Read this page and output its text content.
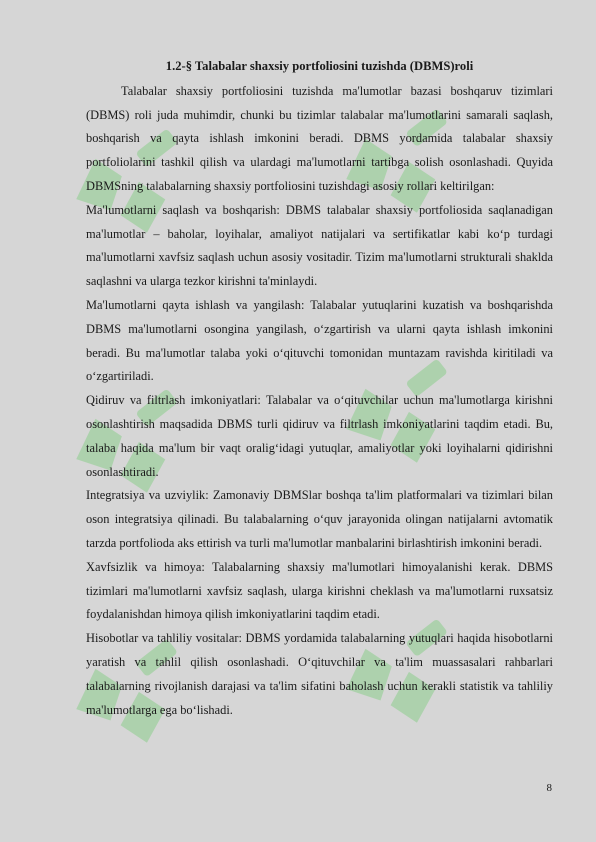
1.2-§ Talabalar shaxsiy portfoliosini tuzishda (DBMS)roli

Talabalar shaxsiy portfoliosini tuzishda ma'lumotlar bazasi boshqaruv tizimlari (DBMS) roli juda muhimdir, chunki bu tizimlar talabalar ma'lumotlarini samarali saqlash, boshqarish va qayta ishlash imkonini beradi. DBMS yordamida talabalar shaxsiy portfoliolarini tashkil qilish va ulardagi ma'lumotlarni tartibga solish osonlashadi. Quyida DBMSning talabalarning shaxsiy portfoliosini tuzishdagi asosiy rollari keltirilgan:

Ma'lumotlarni saqlash va boshqarish: DBMS talabalar shaxsiy portfoliosida saqlanadigan ma'lumotlar – baholar, loyihalar, amaliyot natijalari va sertifikatlar kabi ko‘p turdagi ma'lumotlarni xavfsiz saqlash uchun asosiy vositadir. Tizim ma'lumotlarni strukturali shaklda saqlashni va ularga tezkor kirishni ta'minlaydi.

Ma'lumotlarni qayta ishlash va yangilash: Talabalar yutuqlarini kuzatish va boshqarishda DBMS ma'lumotlarni osongina yangilash, o‘zgartirish va ularni qayta ishlash imkonini beradi. Bu ma'lumotlar talaba yoki o‘qituvchi tomonidan muntazam ravishda kiritiladi va o‘zgartiriladi.

Qidiruv va filtrlash imkoniyatlari: Talabalar va o‘qituvchilar uchun ma'lumotlarga kirishni osonlashtirish maqsadida DBMS turli qidiruv va filtrlash imkoniyatlarini taqdim etadi. Bu, talaba haqida ma'lum bir vaqt oralig‘idagi yutuqlar, amaliyotlar yoki loyihalarni qidirishni osonlashtiradi.

Integratsiya va uzviylik: Zamonaviy DBMSlar boshqa ta'lim platformalari va tizimlari bilan oson integratsiya qilinadi. Bu talabalarning o‘quv jarayonida olingan natijalarni avtomatik tarzda portfolioda aks ettirish va turli ma'lumotlar manbalarini birlashtirish imkonini beradi.

Xavfsizlik va himoya: Talabalarning shaxsiy ma'lumotlari himoyalanishi kerak. DBMS tizimlari ma'lumotlarni xavfsiz saqlash, ularga kirishni cheklash va ma'lumotlarni ruxsatsiz foydalanishdan himoya qilish imkoniyatlarini taqdim etadi.

Hisobotlar va tahliliy vositalar: DBMS yordamida talabalarning yutuqlari haqida hisobotlarni yaratish va tahlil qilish osonlashadi. O‘qituvchilar va ta'lim muassasalari rahbarlari talabalarning rivojlanish darajasi va ta'lim sifatini baholash uchun kerakli statistik va tahliliy ma'lumotlarga ega bo‘lishadi.

8
